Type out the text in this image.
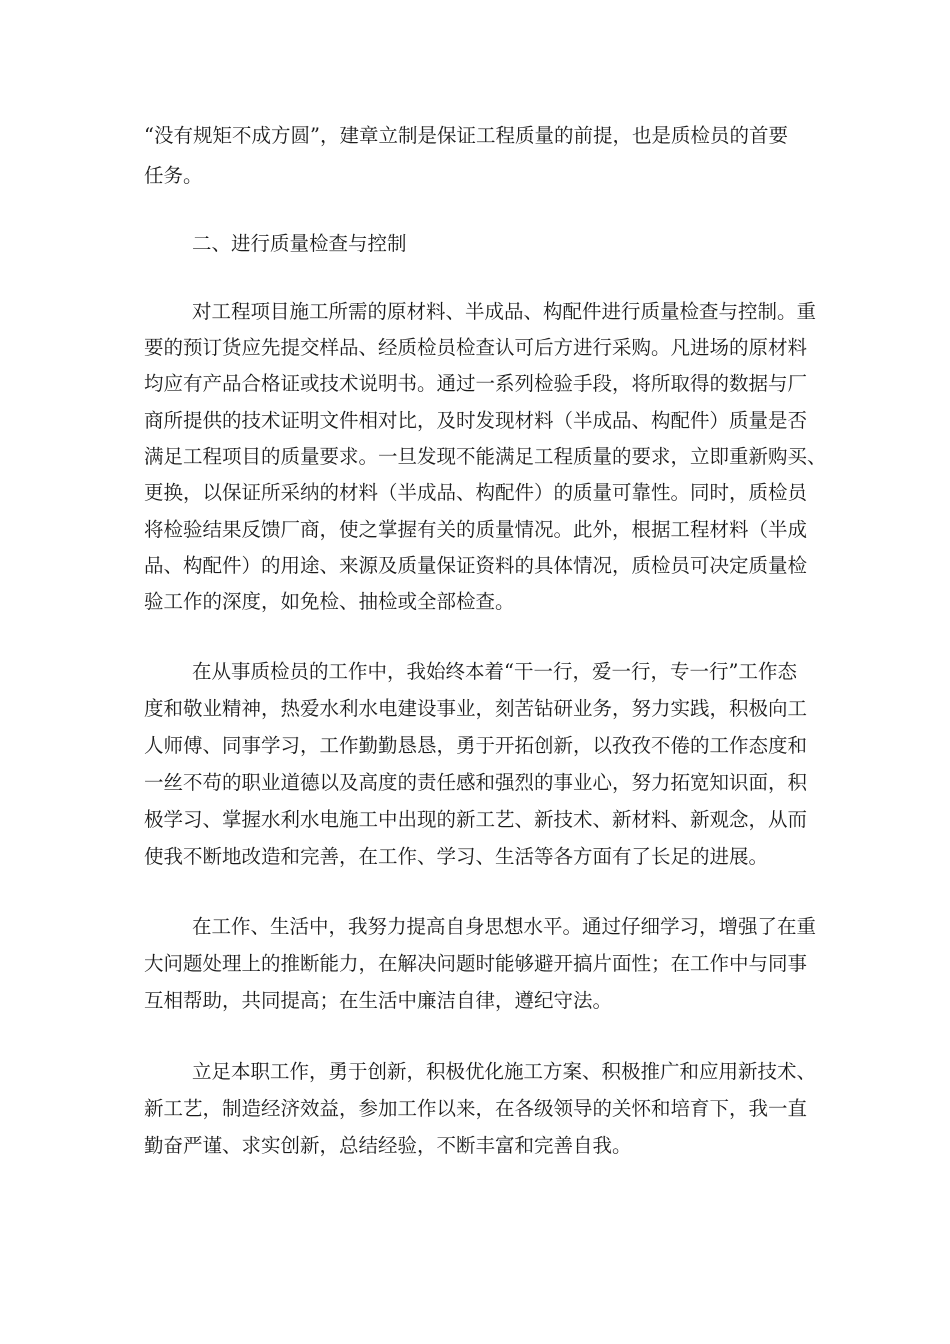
“没有规矩不成方圆”，建章立制是保证工程质量的前提，也是质检员的首要
任务。
二、进行质量检查与控制
对工程项目施工所需的原材料、半成品、构配件进行质量检查与控制。重
要的预订货应先提交样品、经质检员检查认可后方进行采购。凡进场的原材料
均应有产品合格证或技术说明书。通过一系列检验手段，将所取得的数据与厂
商所提供的技术证明文件相对比，及时发现材料（半成品、构配件）质量是否
满足工程项目的质量要求。一旦发现不能满足工程质量的要求，立即重新购买、
更换，以保证所采纳的材料（半成品、构配件）的质量可靠性。同时，质检员
将检验结果反馈厂商，使之掌握有关的质量情况。此外，根据工程材料（半成
品、构配件）的用途、来源及质量保证资料的具体情况，质检员可决定质量检
验工作的深度，如免检、抽检或全部检查。
在从事质检员的工作中，我始终本着“干一行，爱一行，专一行”工作态
度和敬业精神，热爱水利水电建设事业，刻苦钻研业务，努力实践，积极向工
人师傅、同事学习，工作勤勤恳恳，勇于开拓创新，以孜孜不倦的工作态度和
一丝不苟的职业道德以及高度的责任感和强烈的事业心，努力拓宽知识面，积
极学习、掌握水利水电施工中出现的新工艺、新技术、新材料、新观念，从而
使我不断地改造和完善，在工作、学习、生活等各方面有了长足的进展。
在工作、生活中，我努力提高自身思想水平。通过仔细学习，增强了在重
大问题处理上的推断能力，在解决问题时能够避开搞片面性；在工作中与同事
互相帮助，共同提高；在生活中廉洁自律，遵纪守法。
立足本职工作，勇于创新，积极优化施工方案、积极推广和应用新技术、
新工艺，制造经济效益，参加工作以来，在各级领导的关怀和培育下，我一直
勤奋严谨、求实创新，总结经验，不断丰富和完善自我。
